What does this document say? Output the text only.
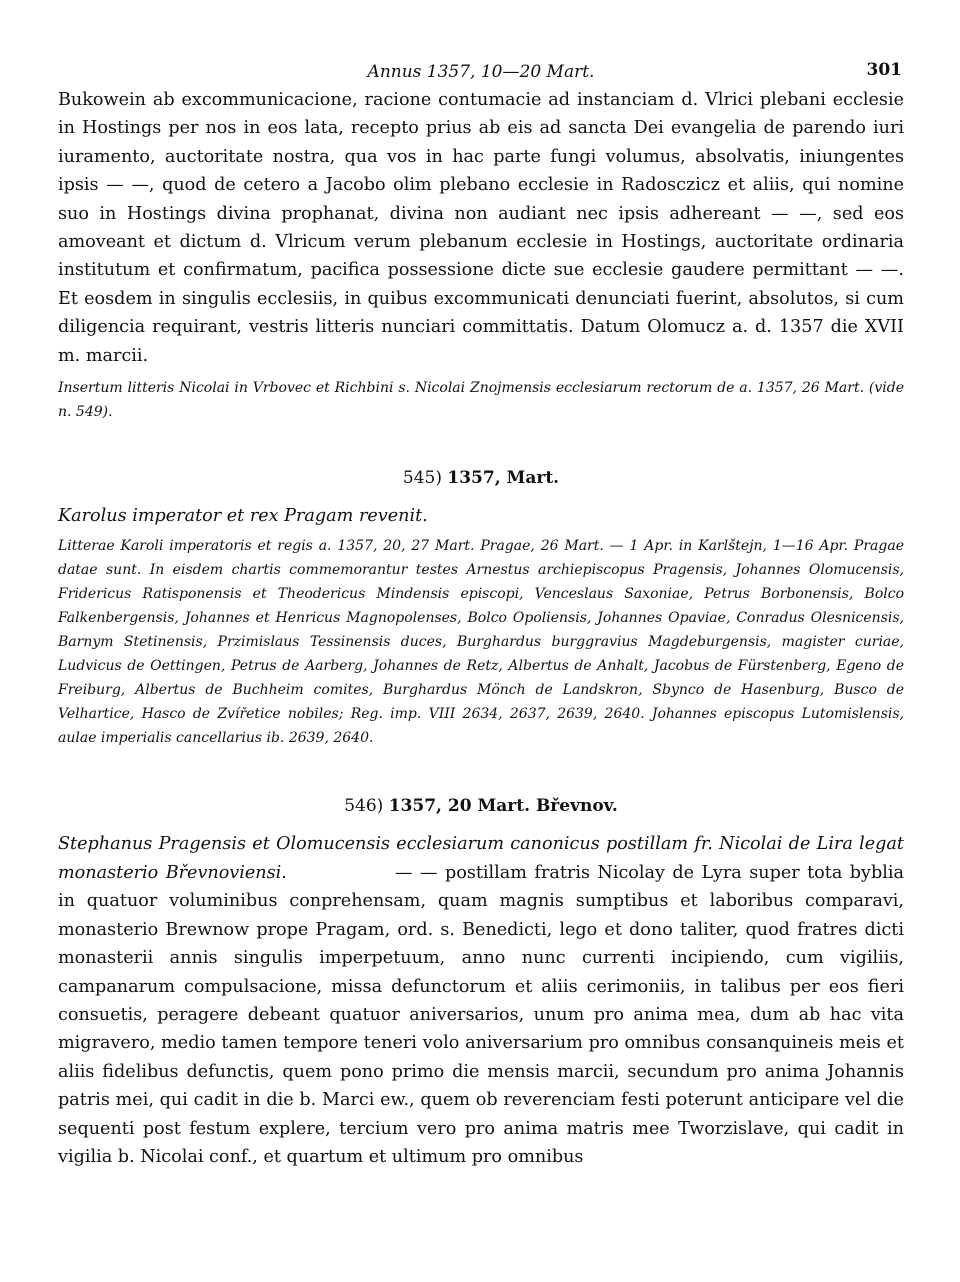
Annus 1357, 10—20 Mart.	301

Bukowein ab excommunicacione, racione contumacie ad instanciam d. Vlrici plebani ecclesie in Hostings per nos in eos lata, recepto prius ab eis ad sancta Dei evangelia de parendo iuri iuramento, auctoritate nostra, qua vos in hac parte fungi volumus, absolvatis, iniungentes ipsis — —, quod de cetero a Jacobo olim plebano ecclesie in Radosczicz et aliis, qui nomine suo in Hostings divina prophanat, divina non audiant nec ipsis adhereant — —, sed eos amoveant et dictum d. Vlricum verum plebanum ecclesie in Hostings, auctoritate ordinaria institutum et confirmatum, pacifica possessione dicte sue ecclesie gaudere permittant — —. Et eosdem in singulis ecclesiis, in quibus excommunicati denunciati fuerint, absolutos, si cum diligencia requirant, vestris litteris nunciari committatis. Datum Olomucz a. d. 1357 die XVII m. marcii.

Insertum litteris Nicolai in Vrbovec et Richbini s. Nicolai Znojmensis ecclesiarum rectorum de a. 1357, 26 Mart. (vide n. 549).

545) 1357, Mart.

Karolus imperator et rex Pragam revenit.

Litterae Karoli imperatoris et regis a. 1357, 20, 27 Mart. Pragae, 26 Mart. — 1 Apr. in Karlštejn, 1—16 Apr. Pragae datae sunt. In eisdem chartis commemorantur testes Arnestus archiepiscopus Pragensis, Johannes Olomucensis, Fridericus Ratisponensis et Theodericus Mindensis episcopi, Venceslaus Saxoniae, Petrus Borbonensis, Bolco Falkenbergensis, Johannes et Henricus Magnopolenses, Bolco Opoliensis, Johannes Opaviae, Conradus Olesnicensis, Barnym Stetinensis, Przimislaus Tessinensis duces, Burghardus burggravius Magdeburgensis, magister curiae, Ludvicus de Oettingen, Petrus de Aarberg, Johannes de Retz, Albertus de Anhalt, Jacobus de Fürstenberg, Egeno de Freiburg, Albertus de Buchheim comites, Burghardus Mönch de Landskron, Sbynco de Hasenburg, Busco de Velhartice, Hasco de Zvířetice nobiles; Reg. imp. VIII 2634, 2637, 2639, 2640. Johannes episcopus Lutomislensis, aulae imperialis cancellarius ib. 2639, 2640.

546) 1357, 20 Mart. Břevnov.

Stephanus Pragensis et Olomucensis ecclesiarum canonicus postillam fr. Nicolai de Lira legat monasterio Břevnoviensi.	— — postillam fratris Nicolay de Lyra super tota byblia in quatuor voluminibus conprehensam, quam magnis sumptibus et laboribus comparavi, monasterio Brewnow prope Pragam, ord. s. Benedicti, lego et dono taliter, quod fratres dicti monasterii annis singulis imperpetuum, anno nunc currenti incipiendo, cum vigiliis, campanarum compulsacione, missa defunctorum et aliis cerimoniis, in talibus per eos fieri consuetis, peragere debeant quatuor aniversarios, unum pro anima mea, dum ab hac vita migravero, medio tamen tempore teneri volo aniversarium pro omnibus consanquineis meis et aliis fidelibus defunctis, quem pono primo die mensis marcii, secundum pro anima Johannis patris mei, qui cadit in die b. Marci ew., quem ob reverenciam festi poterunt anticipare vel die sequenti post festum explere, tercium vero pro anima matris mee Tworzislave, qui cadit in vigilia b. Nicolai conf., et quartum et ultimum pro omnibus
